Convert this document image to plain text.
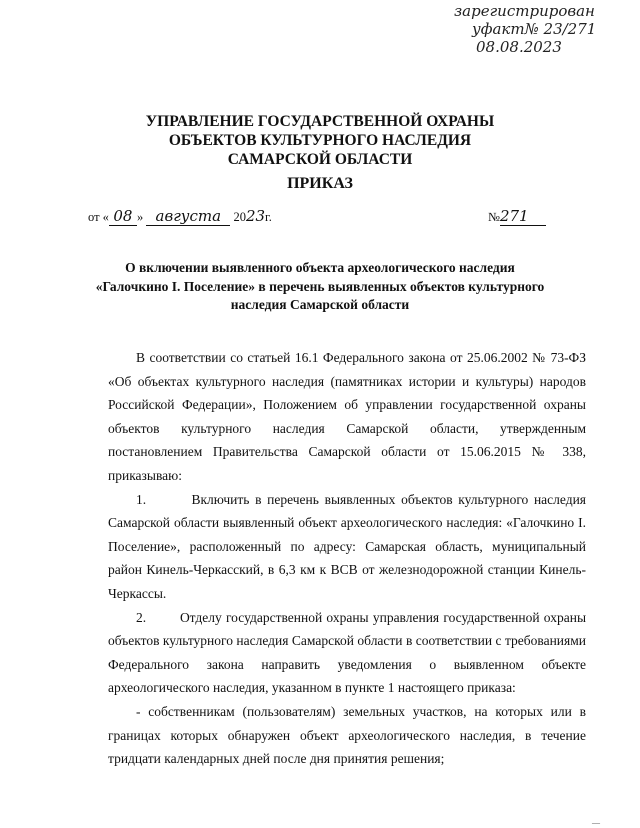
зарегистрирован
уфакт№ 23/271
08.08.2023
УПРАВЛЕНИЕ ГОСУДАРСТВЕННОЙ ОХРАНЫ
ОБЪЕКТОВ КУЛЬТУРНОГО НАСЛЕДИЯ
САМАРСКОЙ ОБЛАСТИ
ПРИКАЗ
от « 08 » августа 2023г.	№271
О включении выявленного объекта археологического наследия
«Галочкино I. Поселение» в перечень выявленных объектов культурного
наследия Самарской области

В соответствии со статьей 16.1 Федерального закона от 25.06.2002 № 73-ФЗ «Об объектах культурного наследия (памятниках истории и культуры) народов Российской Федерации», Положением об управлении государственной охраны объектов культурного наследия Самарской области, утвержденным постановлением Правительства Самарской области от 15.06.2015 № 338, приказываю:

1.	Включить в перечень выявленных объектов культурного наследия Самарской области выявленный объект археологического наследия: «Галочкино I. Поселение», расположенный по адресу: Самарская область, муниципальный район Кинель-Черкасский, в 6,3 км к ВСВ от железнодорожной станции Кинель-Черкассы.

2.	Отделу государственной охраны управления государственной охраны объектов культурного наследия Самарской области в соответствии с требованиями Федерального закона направить уведомления о выявленном объекте археологического наследия, указанном в пункте 1 настоящего приказа:

- собственникам (пользователям) земельных участков, на которых или в границах которых обнаружен объект археологического наследия, в течение тридцати календарных дней после дня принятия решения;

—
